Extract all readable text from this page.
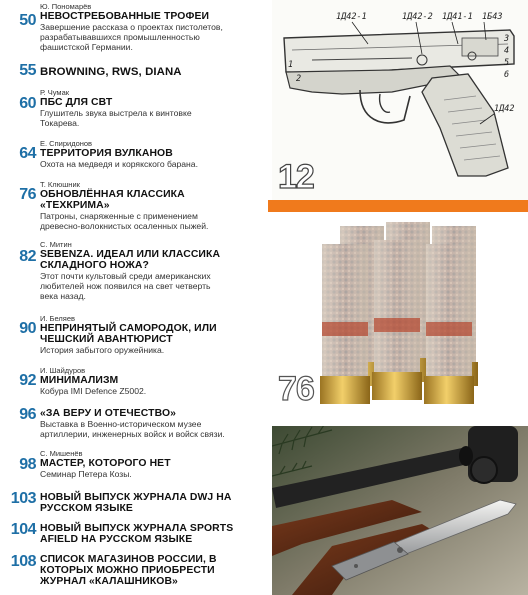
50
Ю. Пономарёв
НЕВОСТРЕБОВАННЫЕ ТРОФЕИ
Завершение рассказа о проектах пистолетов,
разрабатывавшихся промышленностью
фашистской Германии.
55 BROWNING, RWS, DIANA
60
Р. Чумак
ПБС ДЛЯ СВТ
Глушитель звука выстрела к винтовке
Токарева.
64
Е. Спиридонов
ТЕРРИТОРИЯ ВУЛКАНОВ
Охота на медведя и корякского барана.
76
Т. Клюшник
ОБНОВЛЁННАЯ КЛАССИКА «ТЕХКРИМА»
Патроны, снаряженные с применением
древесно-волокнистых осаленных пыжей.
82
С. Митин
SEBENZA. ИДЕАЛ ИЛИ КЛАССИКА СКЛАДНОГО НОЖА?
Этот почти культовый среди американских
любителей нож появился на свет четверть
века назад.
90
И. Беляев
НЕПРИНЯТЫЙ САМОРОДОК, ИЛИ ЧЕШСКИЙ АВАНТЮРИСТ
История забытого оружейника.
92
И. Шайдуров
МИНИМАЛИЗМ
Кобура IMI Defence Z5002.
96 «ЗА ВЕРУ И ОТЕЧЕСТВО»
Выставка в Военно-историческом музее
артиллерии, инженерных войск и войск связи.
98
С. Мишенёв
МАСТЕР, КОТОРОГО НЕТ
Семинар Петера Козы.
103 НОВЫЙ ВЫПУСК ЖУРНАЛА DWJ НА РУССКОМ ЯЗЫКЕ
104 НОВЫЙ ВЫПУСК ЖУРНАЛА SPORTS AFIELD НА РУССКОМ ЯЗЫКЕ
108 СПИСОК МАГАЗИНОВ РОССИИ, В КОТОРЫХ МОЖНО ПРИОБРЕСТИ ЖУРНАЛ «КАЛАШНИКОВ»
1Д42-1	1Д42-2 1Д41-1 1Б43
1Д42
1
2
3
4
5
6
12
76
